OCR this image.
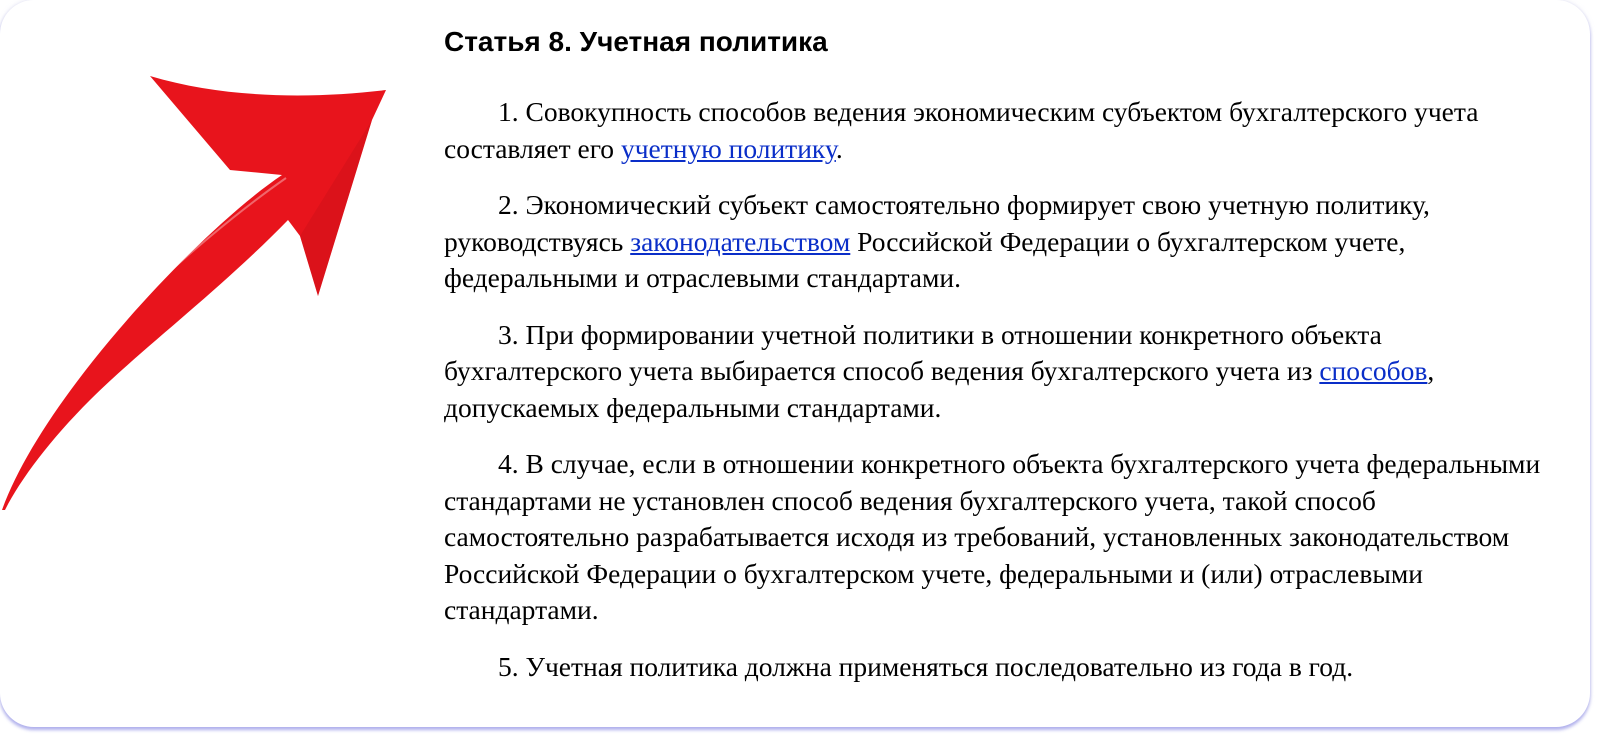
Статья 8. Учетная политика

1. Совокупность способов ведения экономическим субъектом бухгалтерского учета составляет его учетную политику.

2. Экономический субъект самостоятельно формирует свою учетную политику, руководствуясь законодательством Российской Федерации о бухгалтерском учете, федеральными и отраслевыми стандартами.

3. При формировании учетной политики в отношении конкретного объекта бухгалтерского учета выбирается способ ведения бухгалтерского учета из способов, допускаемых федеральными стандартами.

4. В случае, если в отношении конкретного объекта бухгалтерского учета федеральными стандартами не установлен способ ведения бухгалтерского учета, такой способ самостоятельно разрабатывается исходя из требований, установленных законодательством Российской Федерации о бухгалтерском учете, федеральными и (или) отраслевыми стандартами.

5. Учетная политика должна применяться последовательно из года в год.
